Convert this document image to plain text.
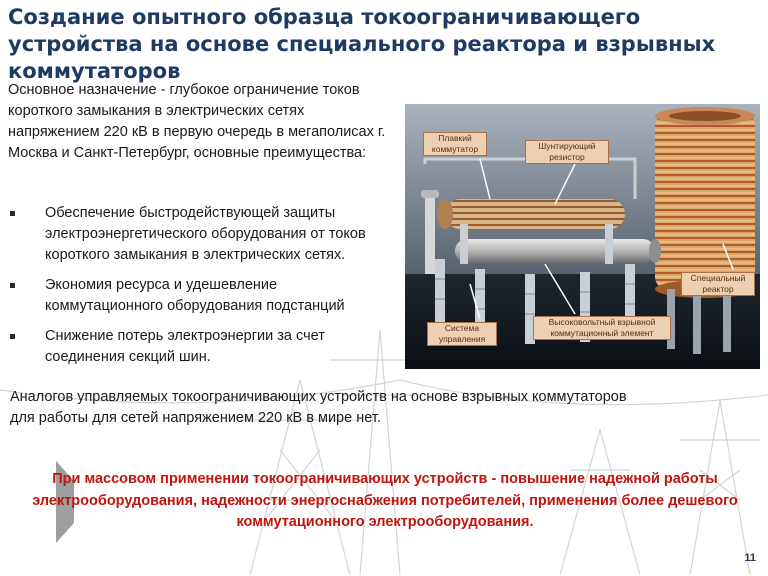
Создание опытного образца токоограничивающего устройства на основе специального реактора и взрывных коммутаторов
Основное назначение - глубокое ограничение токов короткого замыкания в электрических сетях напряжением 220 кВ в первую очередь в мегаполисах г. Москва и Санкт-Петербург, основные преимущества:
Обеспечение быстродействующей защиты электроэнергетического оборудования от токов короткого замыкания в электрических сетях.
Экономия ресурса и удешевление коммутационного оборудования подстанций
Снижение потерь электроэнергии за счет соединения секций шин.
Плавкий коммутатор	Шунтирующий резистор
Специальный реактор
Система управления
Высоковольтный взрывной коммутационный элемент
Аналогов управляемых токоограничивающих устройств на основе взрывных коммутаторов для работы для сетей напряжением 220 кВ в мире нет.
При массовом применении токоограничивающих устройств - повышение надежной работы электрооборудования, надежности энергоснабжения потребителей, применения более дешевого коммутационного электрооборудования.
11
